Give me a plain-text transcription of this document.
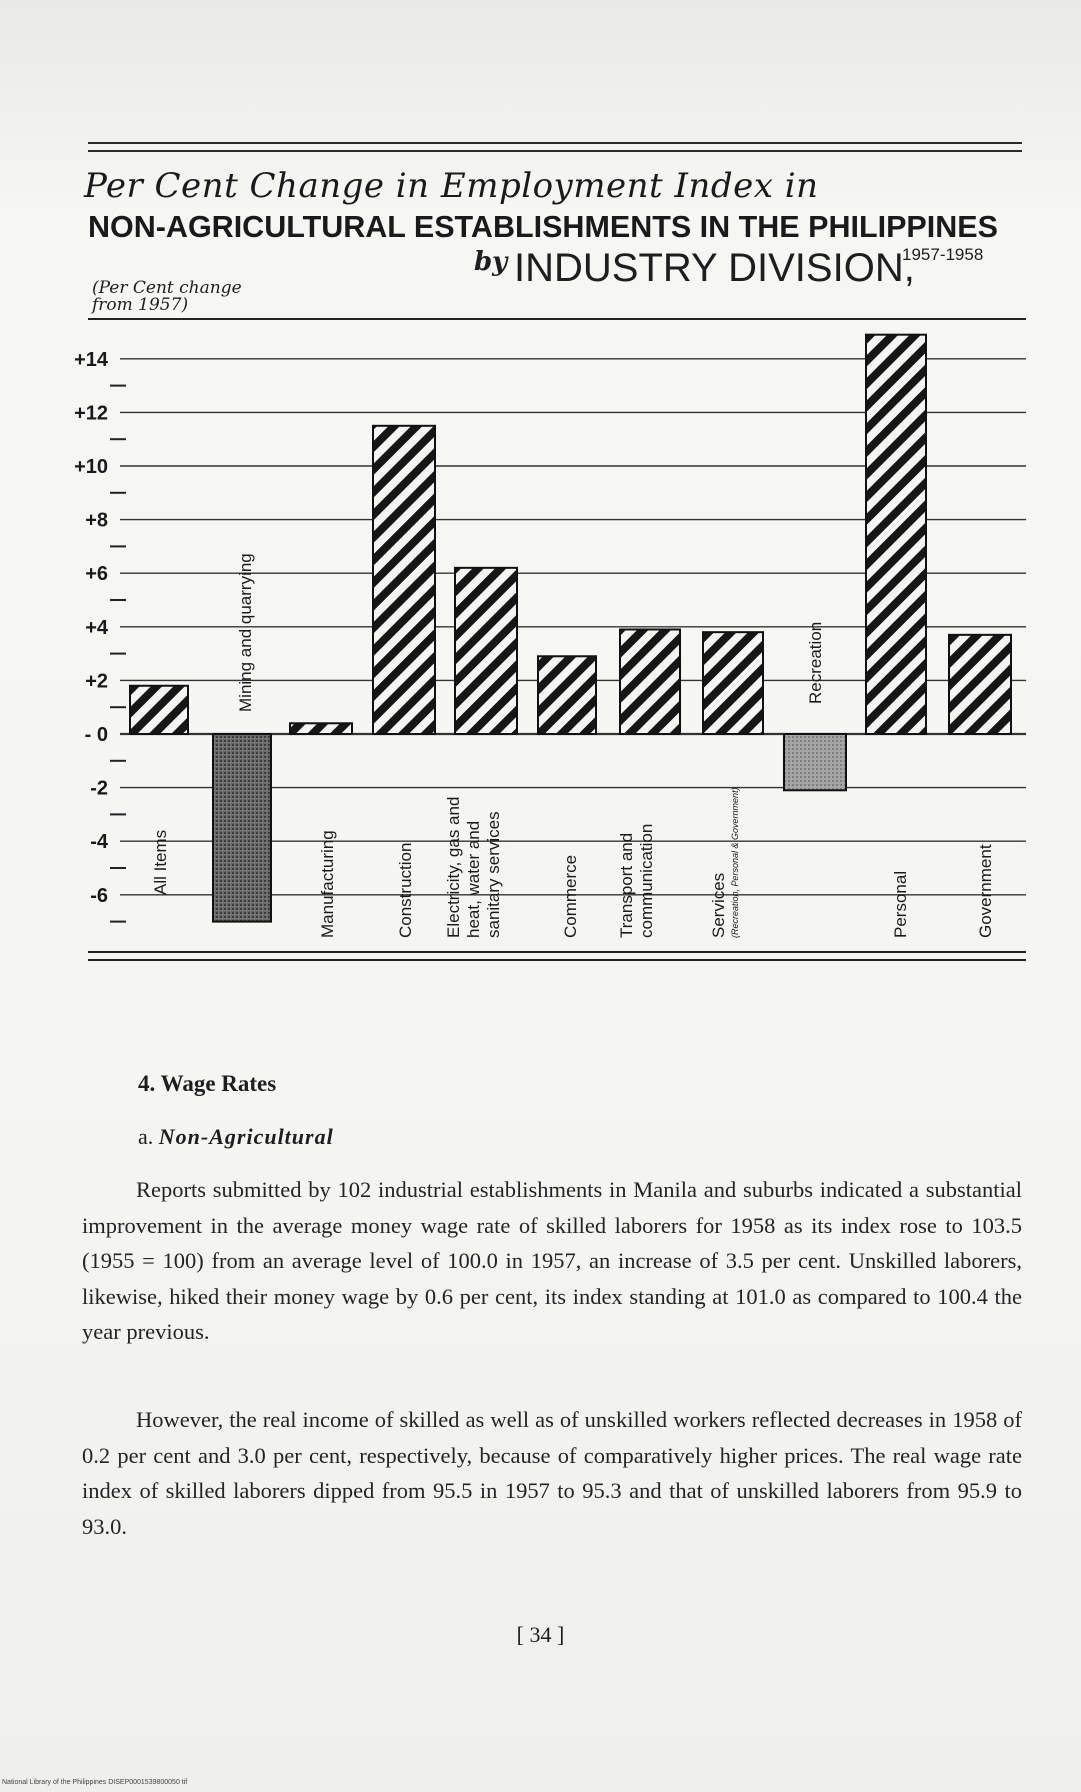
Per Cent Change in Employment Index in
NON-AGRICULTURAL ESTABLISHMENTS IN THE PHILIPPINES
by INDUSTRY DIVISION,
1957-1958
(Per Cent change
from 1957)
+14
+12
+10
+8
+6
+4
+2
- 0
-2
-4
-6
All Items
Mining and quarrying
Manufacturing	Construction Electricity, gas and heat, water and sanitary services	Commerce Transport and communication	Services (Recreation, Personal & Government)
Recreation
Personal	Government
4. Wage Rates
a. Non-Agricultural
Reports submitted by 102 industrial establishments in Manila and suburbs indicated a substantial improvement in the average money wage rate of skilled laborers for 1958 as its index rose to 103.5 (1955 = 100) from an average level of 100.0 in 1957, an increase of 3.5 per cent. Unskilled laborers, likewise, hiked their money wage by 0.6 per cent, its index standing at 101.0 as compared to 100.4 the year previous.
However, the real income of skilled as well as of unskilled workers reflected decreases in 1958 of 0.2 per cent and 3.0 per cent, respectively, because of comparatively higher prices. The real wage rate index of skilled laborers dipped from 95.5 in 1957 to 95.3 and that of unskilled laborers from 95.9 to 93.0.
[ 34 ]
National Library of the Philippines DISEP0001539800050 tif
